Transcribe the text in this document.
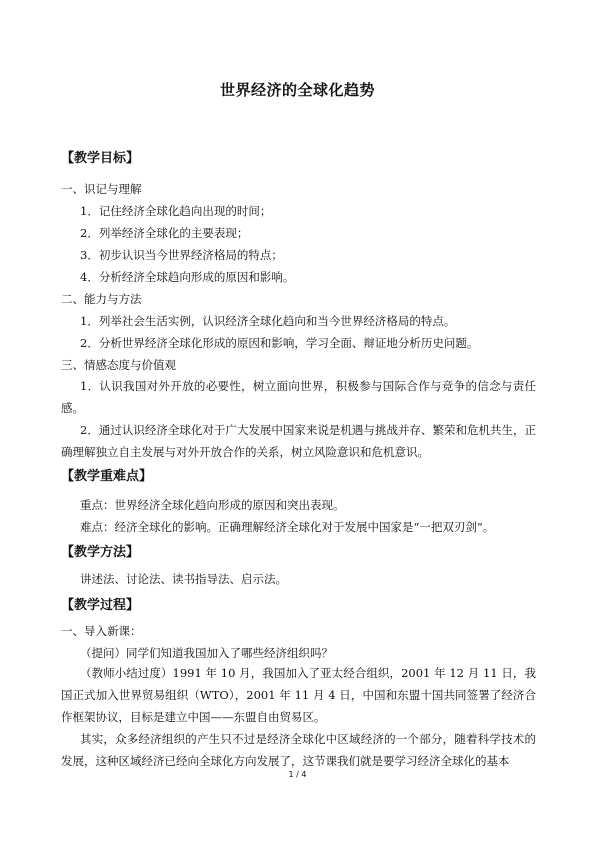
世界经济的全球化趋势
【教学目标】
一、识记与理解
1．记住经济全球化趋向出现的时间；
2．列举经济全球化的主要表现；
3．初步认识当今世界经济格局的特点；
4．分析经济全球趋向形成的原因和影响。
二、能力与方法
1．列举社会生活实例，认识经济全球化趋向和当今世界经济格局的特点。
2．分析世界经济全球化形成的原因和影响，学习全面、辩证地分析历史问题。
三、情感态度与价值观
1．认识我国对外开放的必要性，树立面向世界，积极参与国际合作与竞争的信念与责任感。
2．通过认识经济全球化对于广大发展中国家来说是机遇与挑战并存、繁荣和危机共生，正确理解独立自主发展与对外开放合作的关系，树立风险意识和危机意识。
【教学重难点】
重点：世界经济全球化趋向形成的原因和突出表现。
难点：经济全球化的影响。正确理解经济全球化对于发展中国家是“一把双刃剑”。
【教学方法】
讲述法、讨论法、读书指导法、启示法。
【教学过程】
一、导入新课：
（提问）同学们知道我国加入了哪些经济组织吗？
（教师小结过度）1991 年 10 月，我国加入了亚太经合组织，2001 年 12 月 11 日，我国正式加入世界贸易组织（WTO），2001 年 11 月 4 日，中国和东盟十国共同签署了经济合作框架协议，目标是建立中国——东盟自由贸易区。
其实，众多经济组织的产生只不过是经济全球化中区域经济的一个部分，随着科学技术的发展，这种区域经济已经向全球化方向发展了，这节课我们就是要学习经济全球化的基本
1 / 4
